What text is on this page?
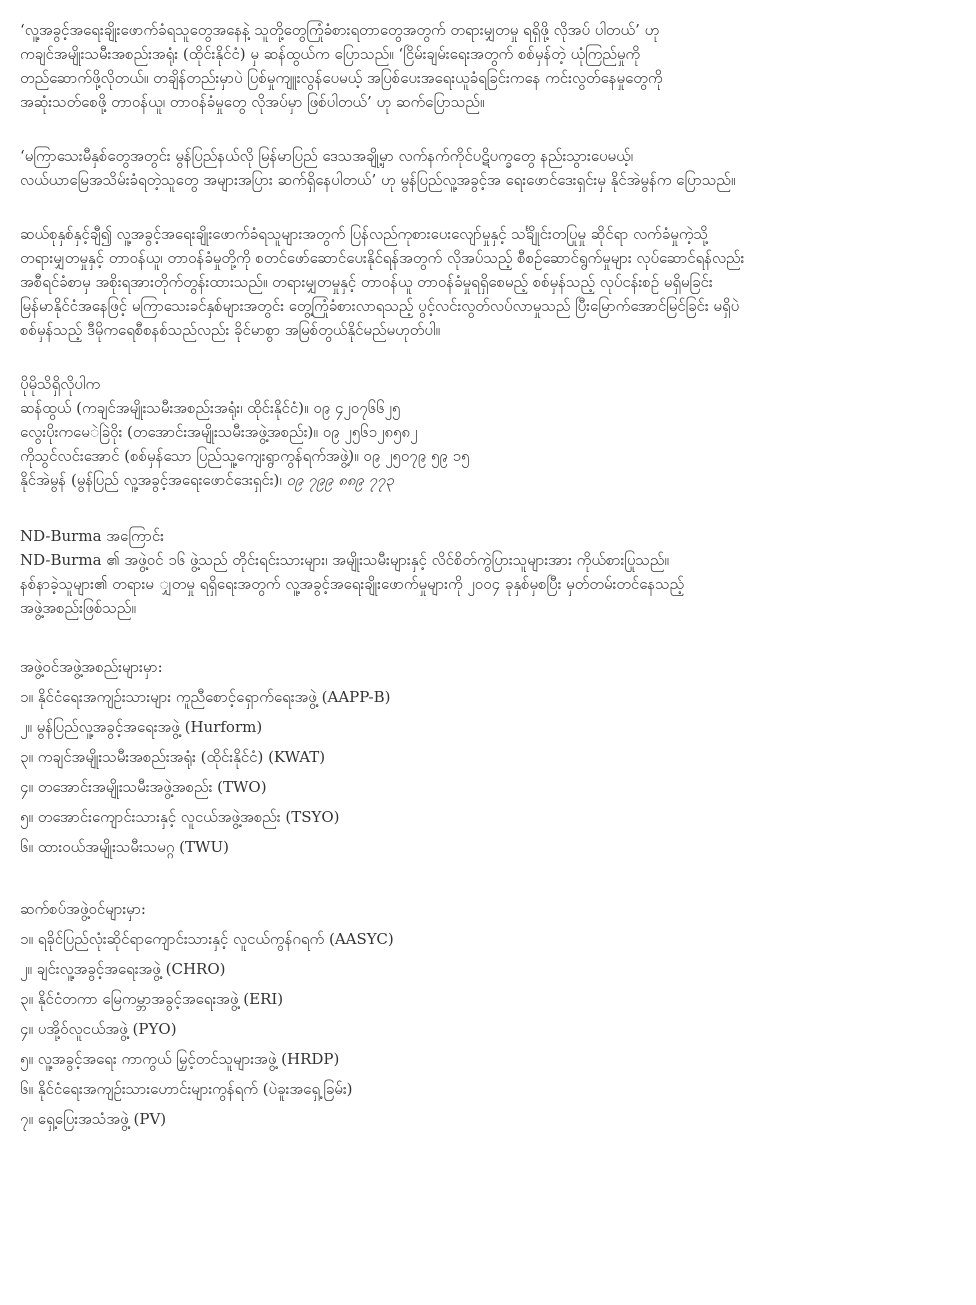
‘လူ့အခွင့်အရေးချိုးဖောက်ခံရသူတွေအနေနဲ့ သူတို့တွေကြုံခံစားရတာတွေအတွက် တရားမျှတမှု ရရှိဖို့ လိုအပ် ပါတယ်’ ဟု
ကချင်အမျိုးသမီးအစည်းအရုံး (ထိုင်းနိုင်ငံ) မှ ဆန်ထွယ်က ပြောသည်။ ‘ငြိမ်းချမ်းရေးအတွက် စစ်မှန်တဲ့ ယုံကြည်မှုကို
တည်ဆောက်ဖို့လိုတယ်။ တချိန်တည်းမှာပဲ ပြစ်မှုကျူးလွန်ပေမယ့် အပြစ်ပေးအရေးယူခံရခြင်းကနေ ကင်းလွတ်နေမှုတွေကို
အဆုံးသတ်စေဖို့ တာဝန်ယူ၊ တာဝန်ခံမှုတွေ လိုအပ်မှာ ဖြစ်ပါတယ်’ ဟု ဆက်ပြောသည်။
‘မကြာသေးမီနှစ်တွေအတွင်း မွန်ပြည်နယ်လို မြန်မာပြည် ဒေသအချို့မှာ လက်နက်ကိုင်ပဋိပက္ခတွေ နည်းသွားပေမယ့်၊
လယ်ယာမြေအသိမ်းခံရတဲ့သူတွေ အများအပြား ဆက်ရှိနေပါတယ်’ ဟု မွန်ပြည်လူ့အခွင့်အ ရေးဖောင်ဒေးရှင်းမှ နိုင်အဲမွန်က ပြောသည်။
ဆယ်စုနှစ်နှင့်ချီ၍ လူ့အခွင့်အရေးချိုးဖောက်ခံရသူများအတွက် ပြန်လည်ကုစားပေးလျော်မှုနှင့် သင်္ချိုင်းတပြုမှု ဆိုင်ရာ လက်ခံမှုကဲ့သို့
တရားမျှတမှုနှင့် တာဝန်ယူ၊ တာဝန်ခံမှုတို့ကို စတင်ဖော်ဆောင်ပေးနိုင်ရန်အတွက် လိုအပ်သည့် စီစဉ်ဆောင်ရွက်မှုများ လုပ်ဆောင်ရန်လည်း
အစီရင်ခံစာမှ အစိုးရအားတိုက်တွန်းထားသည်။ တရားမျှတမှုနှင့် တာဝန်ယူ တာဝန်ခံမှုရရှိစေမည့် စစ်မှန်သည့် လုပ်ငန်းစဉ် မရှိမခြင်း
မြန်မာနိုင်ငံအနေဖြင့် မကြာသေးခင်နှစ်များအတွင်း တွေ့ကြုံခံစားလာရသည့် ပွင့်လင်းလွတ်လပ်လာမှုသည် ပြီးမြောက်အောင်မြင်ခြင်း မရှိပဲ
စစ်မှန်သည့် ဒီမိုကရေစီစနစ်သည်လည်း ခိုင်မာစွာ အမြစ်တွယ်နိုင်မည်မဟုတ်ပါ။
ပိုမိုသိရှိလိုပါက
ဆန်ထွယ် (ကချင်အမျိုးသမီးအစည်းအရုံး၊ ထိုင်းနိုင်ငံ)။ ၀၉ ၄၂၀၇၆၆၂၅
လွေးပိုးကမေ‌ဲ‌ခြဲ‌ဝိုး (တအောင်းအမျိုးသမီးအဖွဲ့အစည်း)။ ၀၉ ၂၅၆၁၂၈၅၈၂
ကိုသွင်လင်းအောင် (စစ်မှန်သော ပြည်သူ့ကျေးရွာကွန်ရက်အဖွဲ့)။ ၀၉ ၂၅၀၇၉ ၅၉ ၁၅
နိုင်အဲမွန် (မွန်ပြည် လူ့အခွင့်အရေးဖောင်ဒေးရှင်း)၊ ၀၉ ၇၉၉ ၈၈၉ ၇၇၃
ND-Burma အကြောင်း
ND-Burma ၏ အဖွဲ့ဝင် ၁၆ ဖွဲ့သည် တိုင်းရင်းသားများ၊ အမျိုးသမီးများနှင့် လိင်စိတ်ကွဲပြားသူများအား ကိုယ်စားပြုသည်။
နစ်နာခဲ့သူများ၏ တရားမ ျှတမှု ရရှိရေးအတွက် လူ့အခွင့်အရေးချိုးဖောက်မှုများကို ၂၀၀၄ ခုနှစ်မှစပြီး မှတ်တမ်းတင်နေသည့်
အဖွဲ့အစည်းဖြစ်သည်။
အဖွဲ့ဝင်အဖွဲ့အစည်းများမှာ:
၁။ နိုင်ငံရေးအကျဉ်းသားများ ကူညီစောင့်ရှောက်ရေးအဖွဲ့ (AAPP-B)
၂။ မွန်ပြည်လူ့အခွင့်အရေးအဖွဲ့ (Hurform)
၃။ ကချင်အမျိုးသမီးအစည်းအရုံး (ထိုင်းနိုင်ငံ) (KWAT)
၄။ တအောင်းအမျိုးသမီးအဖွဲ့အစည်း (TWO)
၅။ တအောင်းကျောင်းသားနှင့် လူငယ်အဖွဲ့အစည်း (TSYO)
၆။ ထားဝယ်အမျိုးသမီးသမဂ္ဂ (TWU)
ဆက်စပ်အဖွဲ့ဝင်များမှာ:
၁။ ရခိုင်ပြည်လုံးဆိုင်ရာကျောင်းသားနှင့် လူငယ်ကွန်ဂရက် (AASYC)
၂။ ချင်းလူ့အခွင့်အရေးအဖွဲ့ (CHRO)
၃။ နိုင်ငံတကာ မြေကမ္ဘာအခွင့်အရေးအဖွဲ့ (ERI)
၄။ ပအို့ဝ်လူငယ်အဖွဲ့ (PYO)
၅။ လူ့အခွင့်အရေး ကာကွယ် မြှင့်တင်သူများအဖွဲ့ (HRDP)
၆။ နိုင်ငံရေးအကျဉ်းသားဟောင်းများကွန်ရက် (ပဲခူးအရှေ့ခြမ်း)
၇။ ရှေ့ပြေးအသံအဖွဲ့ (PV)
